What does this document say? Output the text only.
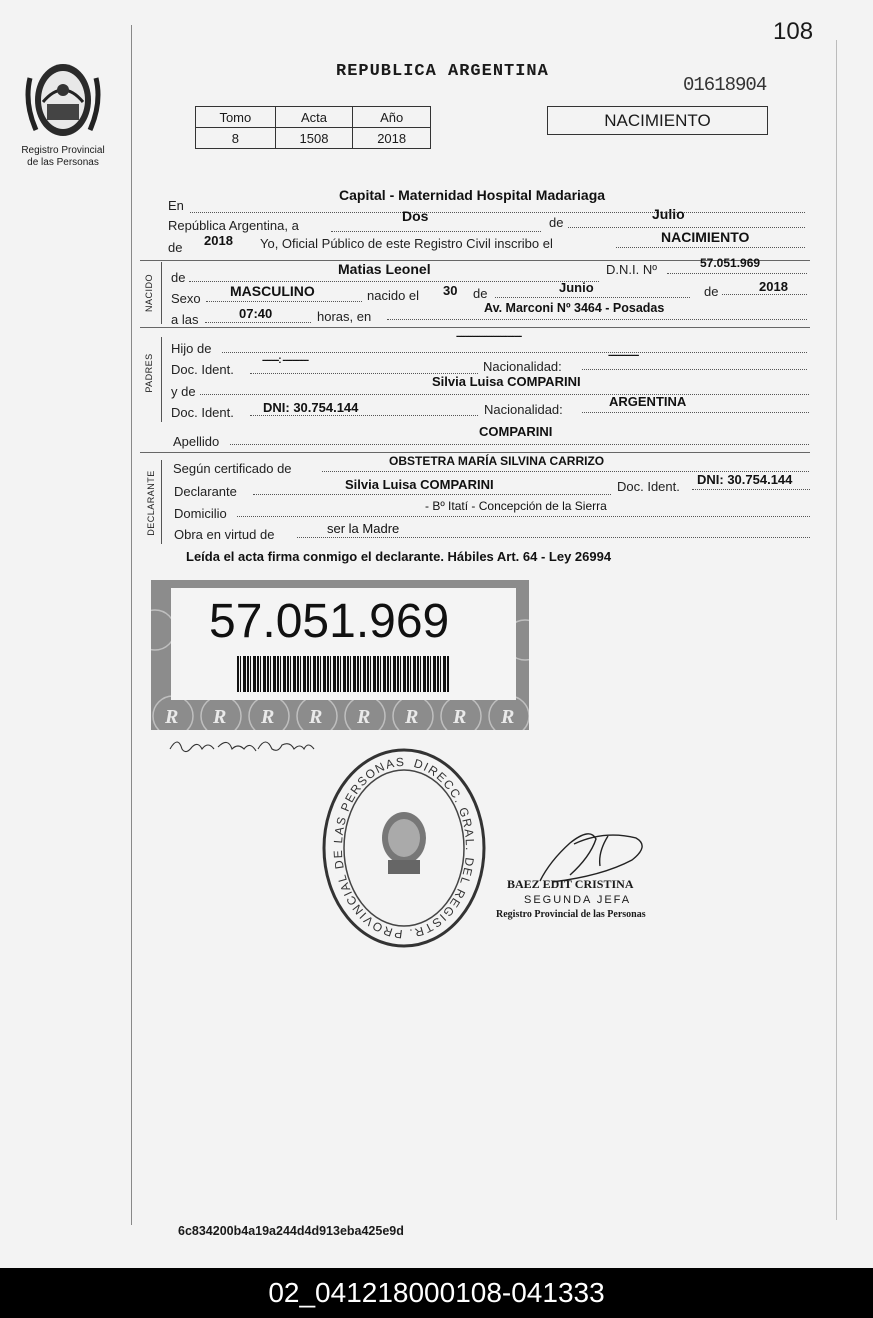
108
Registro Provincial
de las Personas
REPUBLICA ARGENTINA
01618904
NACIMIENTO
Tomo	Acta	Año
8	1508	2018
En
Capital - Maternidad Hospital Madariaga
República Argentina, a
Dos	de
Julio
de 2018 Yo, Oficial Público de este Registro Civil inscribo el	NACIMIENTO
NACIDO de
Matias Leonel	D.N.I. Nº	57.051.969
Sexo MASCULINO	nacido el 30 de	Junio	de	2018
a las	07:40	horas, en
Av. Marconi Nº 3464 - Posadas
PADRES
Hijo de
----------------------------
Doc. Ident.
-------: -----------	Nacionalidad:
-------------
y de
Silvia Luisa COMPARINI
Doc. Ident. DNI: 30.754.144	Nacionalidad:
ARGENTINA
Apellido
COMPARINI
DECLARANTE
Según certificado de	OBSTETRA MARÍA SILVINA CARRIZO
Declarante	Silvia Luisa COMPARINI	Doc. Ident. DNI: 30.754.144
Domicilio	- Bº Itatí - Concepción de la Sierra
Obra en virtud de	ser la Madre
Leída el acta firma conmigo el declarante. Hábiles Art. 64 - Ley 26994
R R R R R R R R
57.051.969
DIRECC. GRAL. DEL REGISTR. PROVINCIAL DE LAS PERSONAS
BAEZ EDIT CRISTINA
SEGUNDA JEFA
Registro Provincial de las Personas
6c834200b4a19a244d4d913eba425e9d
02_041218000108-041333
